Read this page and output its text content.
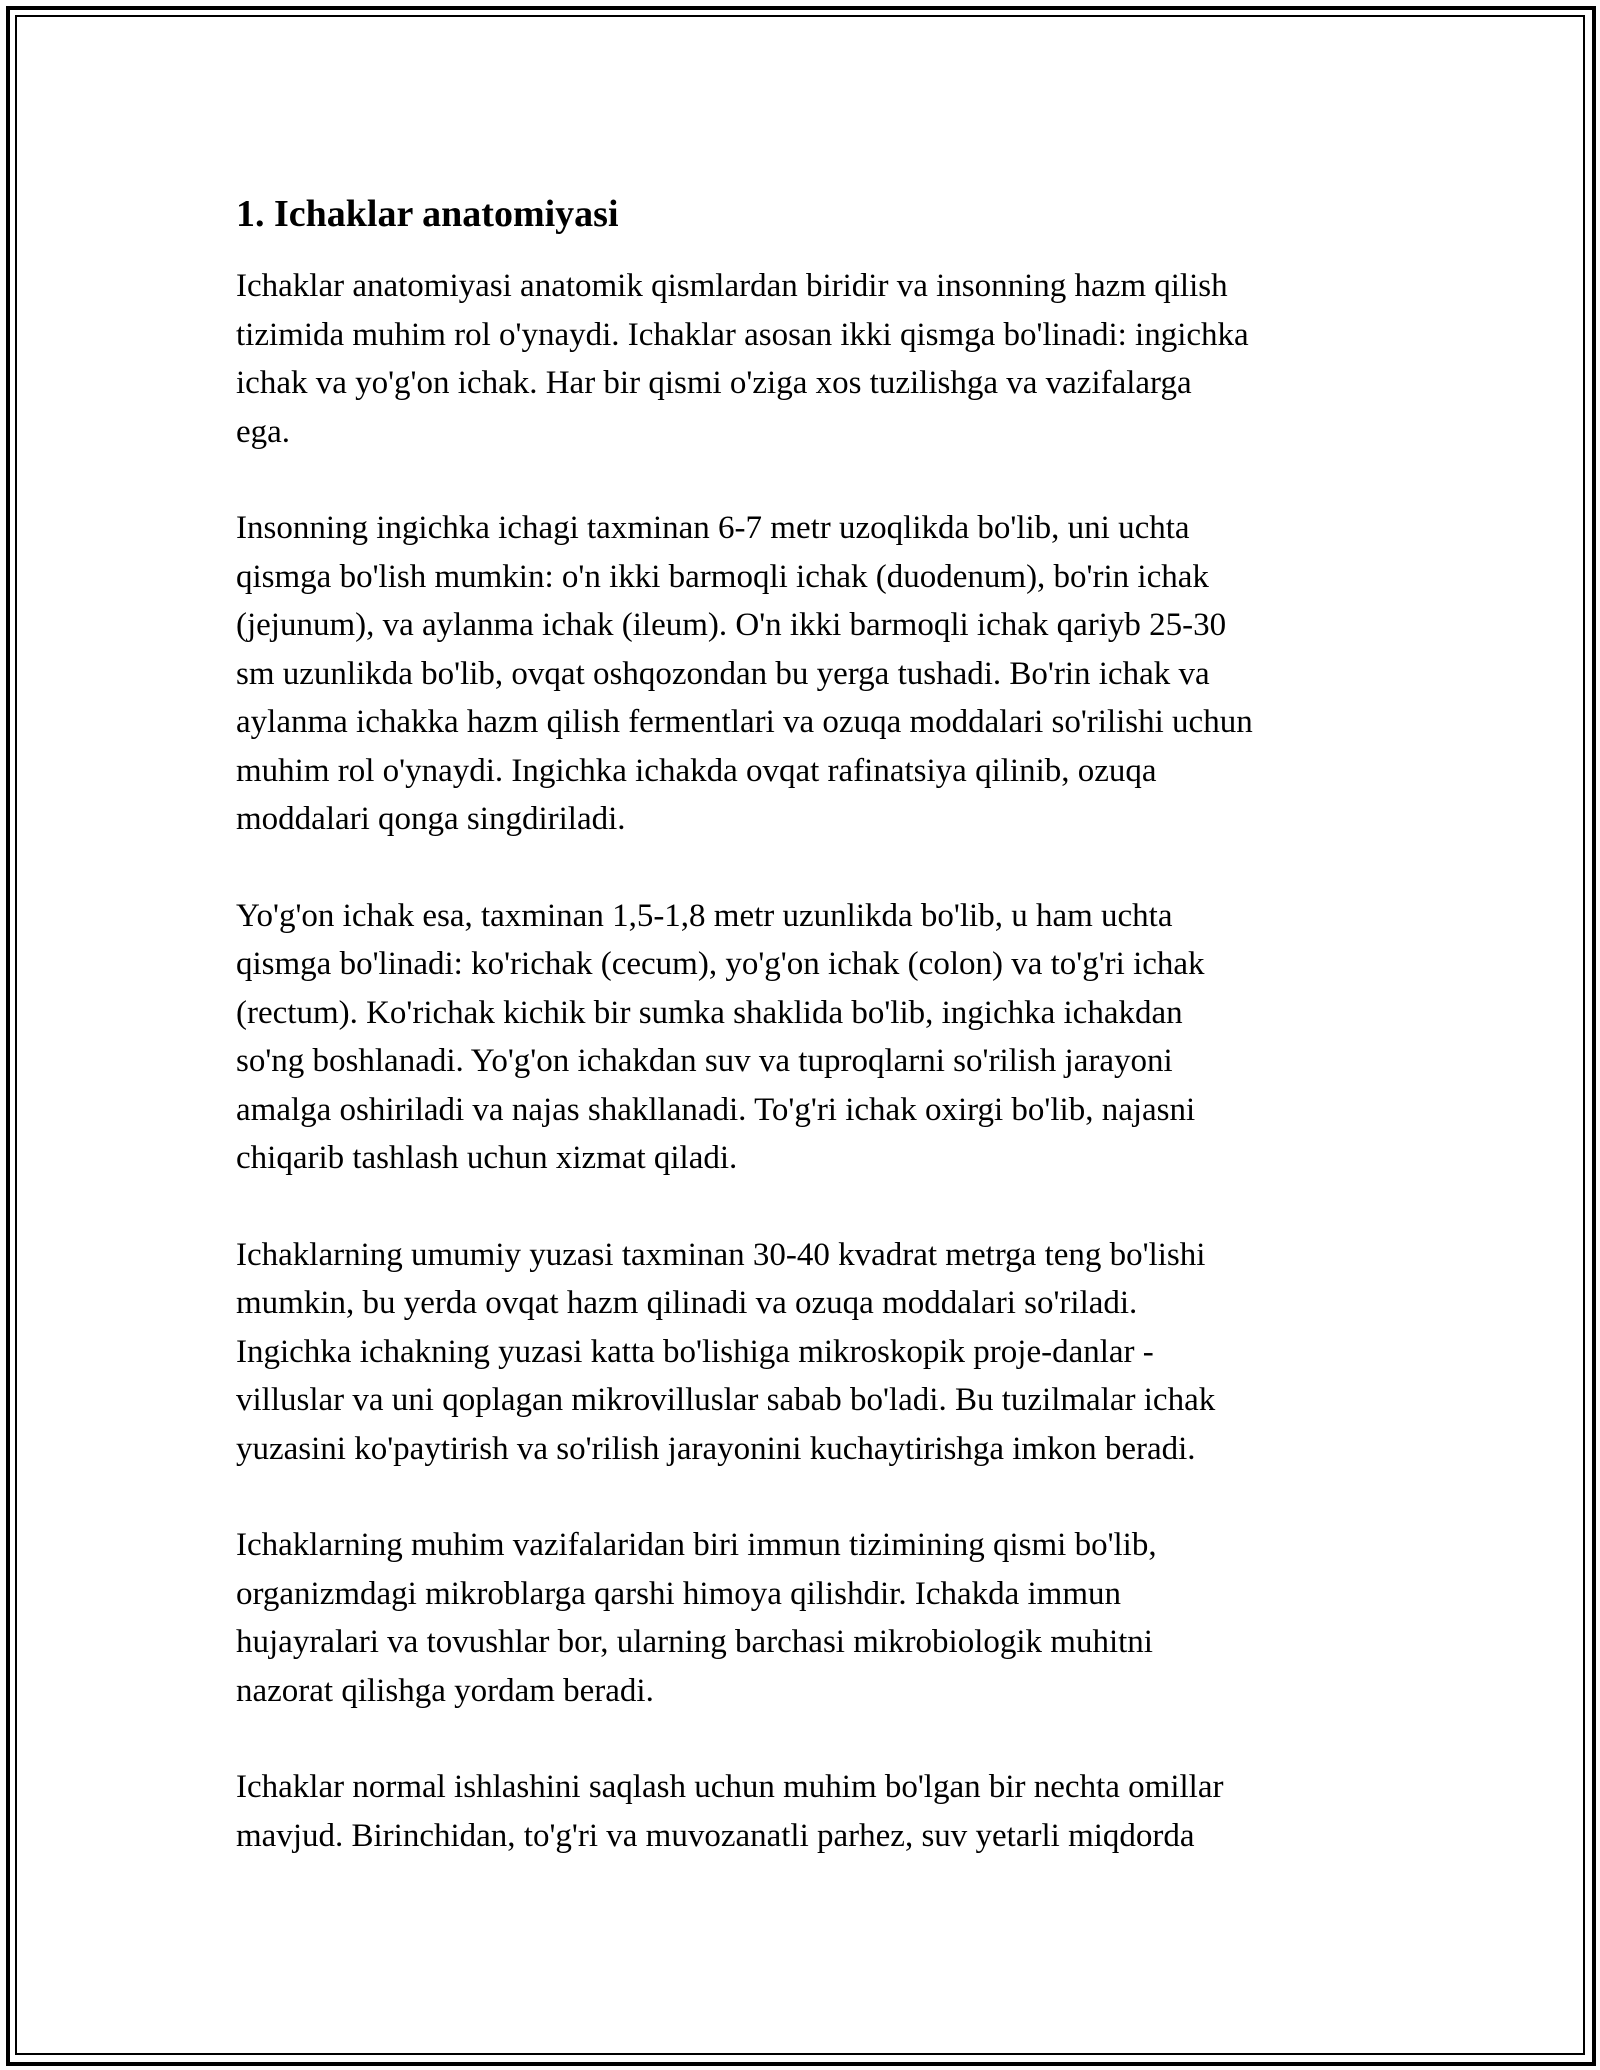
1. Ichaklar anatomiyasi
Ichaklar anatomiyasi anatomik qismlardan biridir va insonning hazm qilish
tizimida muhim rol o'ynaydi. Ichaklar asosan ikki qismga bo'linadi: ingichka
ichak va yo'g'on ichak. Har bir qismi o'ziga xos tuzilishga va vazifalarga
ega.
Insonning ingichka ichagi taxminan 6-7 metr uzoqlikda bo'lib, uni uchta
qismga bo'lish mumkin: o'n ikki barmoqli ichak (duodenum), bo'rin ichak
(jejunum), va aylanma ichak (ileum). O'n ikki barmoqli ichak qariyb 25-30
sm uzunlikda bo'lib, ovqat oshqozondan bu yerga tushadi. Bo'rin ichak va
aylanma ichakka hazm qilish fermentlari va ozuqa moddalari so'rilishi uchun
muhim rol o'ynaydi. Ingichka ichakda ovqat rafinatsiya qilinib, ozuqa
moddalari qonga singdiriladi.
Yo'g'on ichak esa, taxminan 1,5-1,8 metr uzunlikda bo'lib, u ham uchta
qismga bo'linadi: ko'richak (cecum), yo'g'on ichak (colon) va to'g'ri ichak
(rectum). Ko'richak kichik bir sumka shaklida bo'lib, ingichka ichakdan
so'ng boshlanadi. Yo'g'on ichakdan suv va tuproqlarni so'rilish jarayoni
amalga oshiriladi va najas shakllanadi. To'g'ri ichak oxirgi bo'lib, najasni
chiqarib tashlash uchun xizmat qiladi.
Ichaklarning umumiy yuzasi taxminan 30-40 kvadrat metrga teng bo'lishi
mumkin, bu yerda ovqat hazm qilinadi va ozuqa moddalari so'riladi.
Ingichka ichakning yuzasi katta bo'lishiga mikroskopik proje-danlar -
villuslar va uni qoplagan mikrovilluslar sabab bo'ladi. Bu tuzilmalar ichak
yuzasini ko'paytirish va so'rilish jarayonini kuchaytirishga imkon beradi.
Ichaklarning muhim vazifalaridan biri immun tizimining qismi bo'lib,
organizmdagi mikroblarga qarshi himoya qilishdir. Ichakda immun
hujayralari va tovushlar bor, ularning barchasi mikrobiologik muhitni
nazorat qilishga yordam beradi.
Ichaklar normal ishlashini saqlash uchun muhim bo'lgan bir nechta omillar
mavjud. Birinchidan, to'g'ri va muvozanatli parhez, suv yetarli miqdorda
